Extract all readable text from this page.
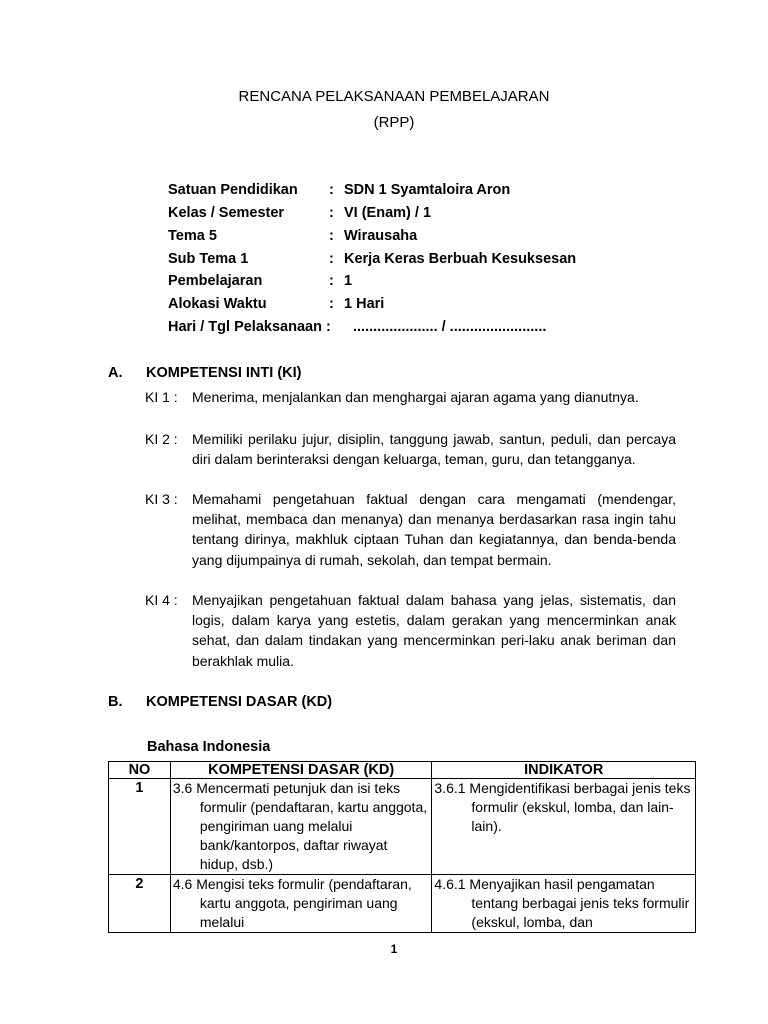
RENCANA PELAKSANAAN PEMBELAJARAN
(RPP)
Satuan Pendidikan : SDN 1 Syamtaloira Aron
Kelas / Semester	: VI (Enam) / 1
Tema 5	: Wirausaha
Sub Tema 1	: Kerja Keras Berbuah Kesuksesan
Pembelajaran	: 1
Alokasi Waktu	: 1 Hari
Hari / Tgl Pelaksanaan : ..................... / ........................
A. KOMPETENSI INTI (KI)
KI 1 : Menerima, menjalankan dan menghargai ajaran agama yang dianutnya.
KI 2 : Memiliki perilaku jujur, disiplin, tanggung jawab, santun, peduli, dan percaya diri dalam berinteraksi dengan keluarga, teman, guru, dan tetangganya.
KI 3 : Memahami pengetahuan faktual dengan cara mengamati (mendengar, melihat, membaca dan menanya) dan menanya berdasarkan rasa ingin tahu tentang dirinya, makhluk ciptaan Tuhan dan kegiatannya, dan benda-benda yang dijumpainya di rumah, sekolah, dan tempat bermain.
KI 4 : Menyajikan pengetahuan faktual dalam bahasa yang jelas, sistematis, dan logis, dalam karya yang estetis, dalam gerakan yang mencerminkan anak sehat, dan dalam tindakan yang mencerminkan peri-laku anak beriman dan berakhlak mulia.
B. KOMPETENSI DASAR (KD)
Bahasa Indonesia
NO	KOMPETENSI DASAR (KD)	INDIKATOR
1	3.6 Mencermati petunjuk dan isi teks formulir (pendaftaran, kartu anggota, pengiriman uang melalui bank/kantorpos, daftar riwayat hidup, dsb.)	3.6.1 Mengidentifikasi berbagai jenis teks formulir (ekskul, lomba, dan lain-lain).

2	4.6 Mengisi teks formulir (pendaftaran, kartu anggota, pengiriman uang melalui	4.6.1 Menyajikan hasil pengamatan tentang berbagai jenis teks formulir (ekskul, lomba, dan
1
